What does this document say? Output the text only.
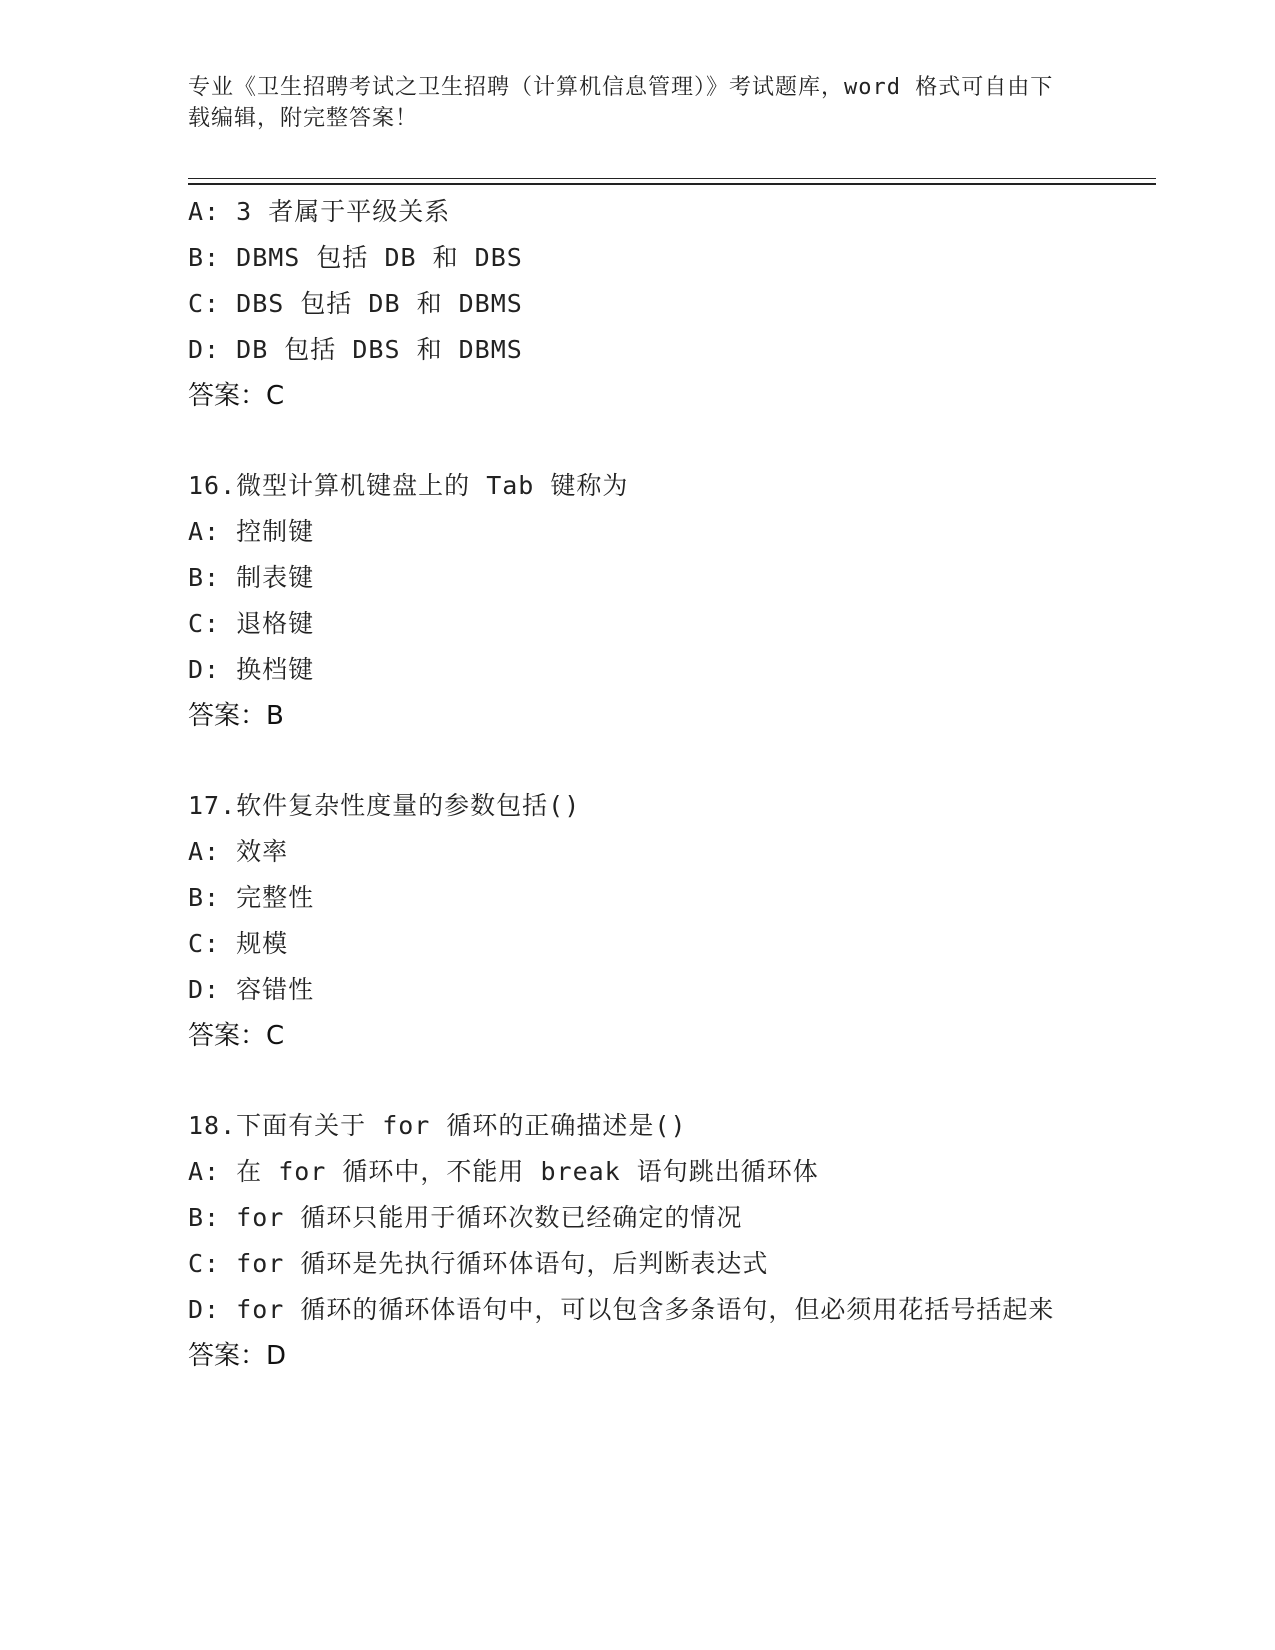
专业《卫生招聘考试之卫生招聘（计算机信息管理）》考试题库，word 格式可自由下载编辑，附完整答案！
A: 3 者属于平级关系
B: DBMS 包括 DB 和 DBS
C: DBS 包括 DB 和 DBMS
D: DB 包括 DBS 和 DBMS
答案：C
16.微型计算机键盘上的 Tab 键称为
A: 控制键
B: 制表键
C: 退格键
D: 换档键
答案：B
17.软件复杂性度量的参数包括()
A: 效率
B: 完整性
C: 规模
D: 容错性
答案：C
18.下面有关于 for 循环的正确描述是()
A: 在 for 循环中，不能用 break 语句跳出循环体
B: for 循环只能用于循环次数已经确定的情况
C: for 循环是先执行循环体语句，后判断表达式
D: for 循环的循环体语句中，可以包含多条语句，但必须用花括号括起来
答案：D
